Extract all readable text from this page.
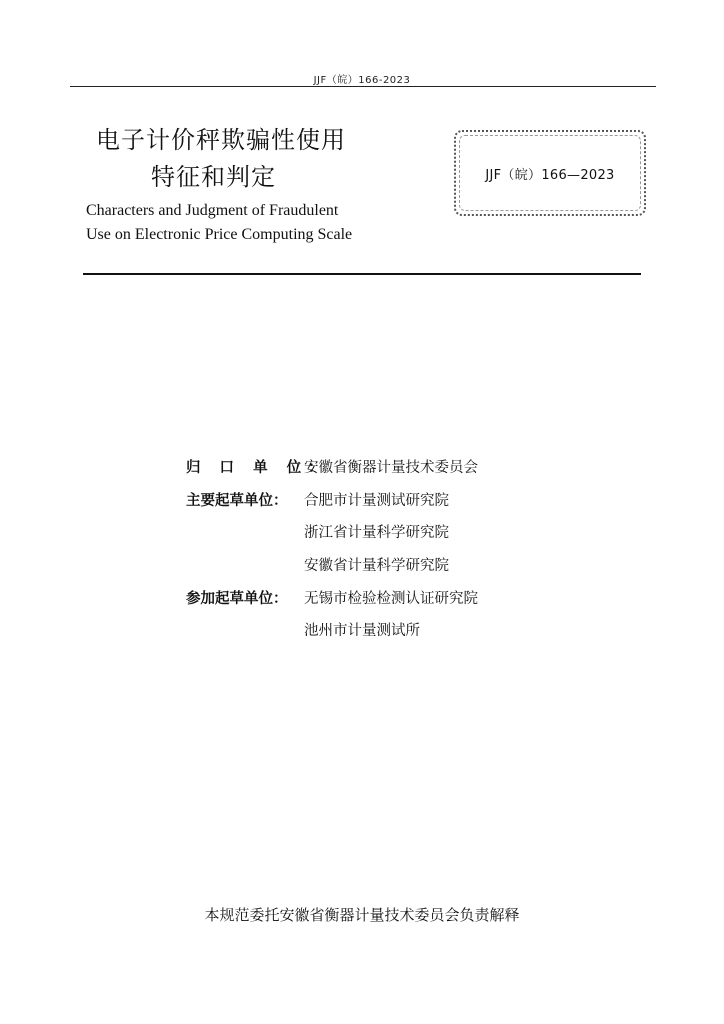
JJF（皖）166-2023
电子计价秤欺骗性使用
特征和判定
Characters and Judgment of Fraudulent
Use on Electronic Price Computing Scale
JJF（皖）166—2023
归 口 单 位：
安徽省衡器计量技术委员会
主要起草单位：	合肥市计量测试研究院
浙江省计量科学研究院
安徽省计量科学研究院
参加起草单位：	无锡市检验检测认证研究院
池州市计量测试所
本规范委托安徽省衡器计量技术委员会负责解释
